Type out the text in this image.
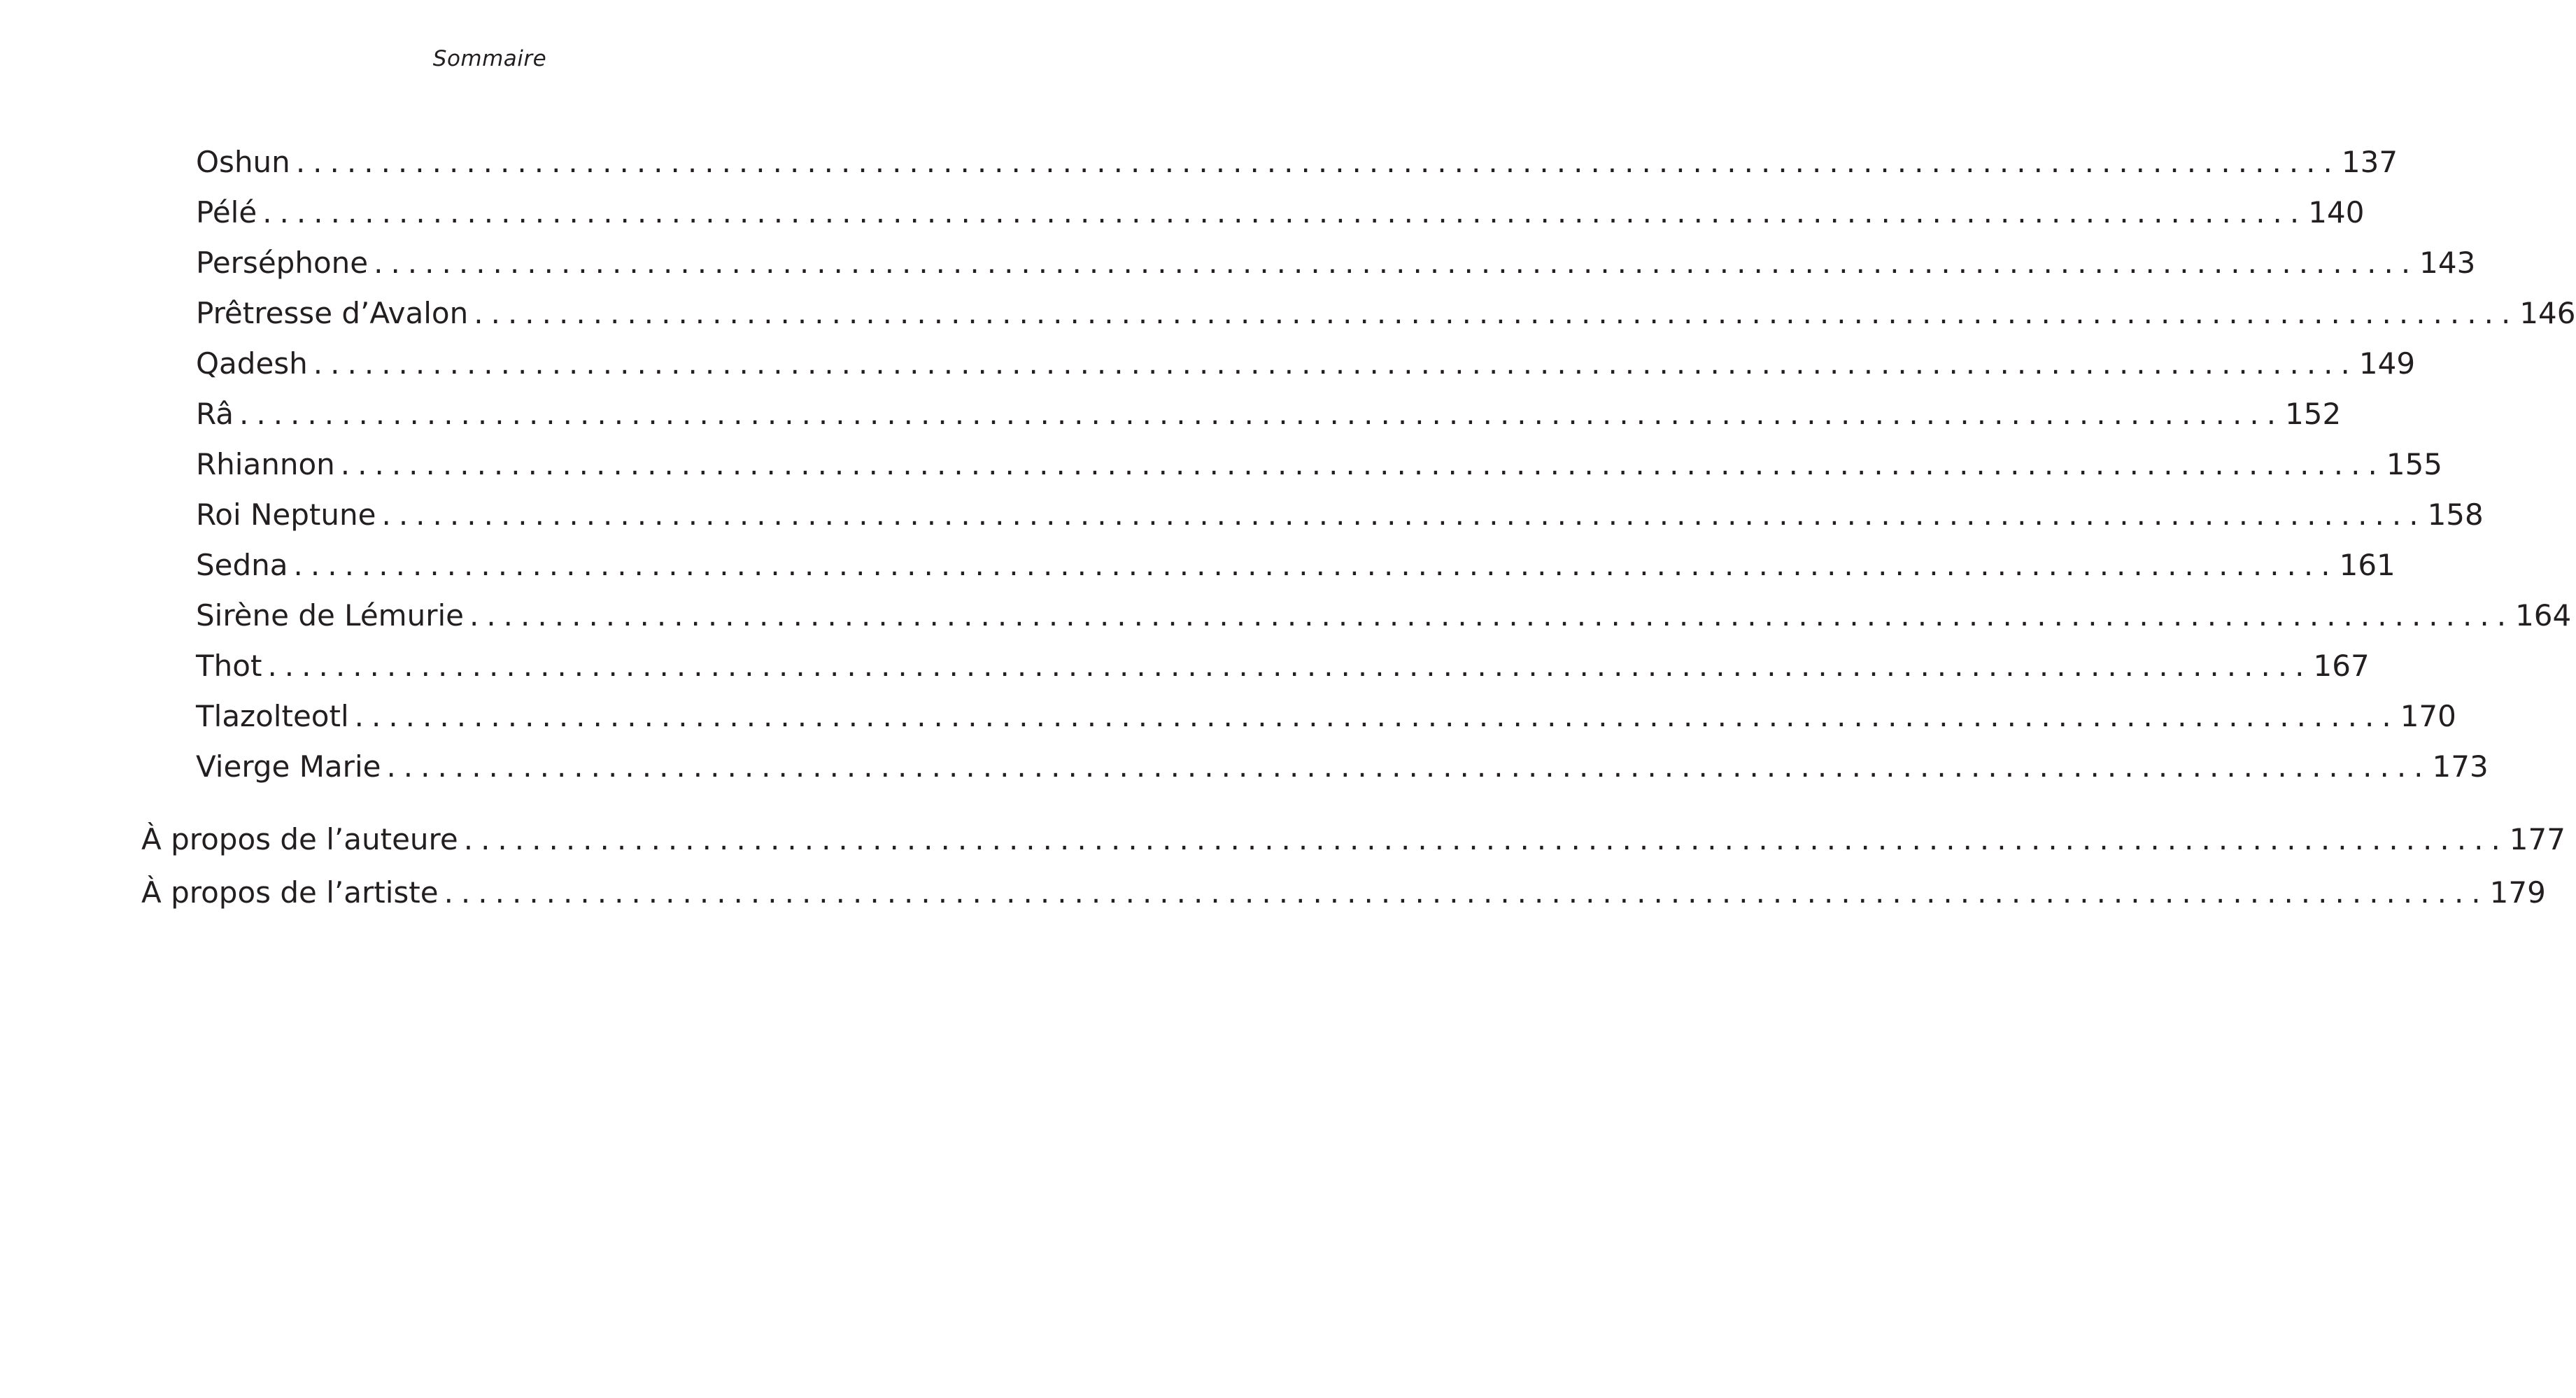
Sommaire
Oshun ........................................................................................................................ 137
Pélé ........................................................................................................................ 140
Perséphone ........................................................................................................................ 143
Prêtresse d’Avalon ........................................................................................................................ 146
Qadesh ........................................................................................................................ 149
Râ ........................................................................................................................ 152
Rhiannon ........................................................................................................................ 155
Roi Neptune ........................................................................................................................ 158
Sedna ........................................................................................................................ 161
Sirène de Lémurie ........................................................................................................................ 164
Thot ........................................................................................................................ 167
Tlazolteotl ........................................................................................................................ 170
Vierge Marie ........................................................................................................................ 173
À propos de l’auteure ........................................................................................................................ 177
À propos de l’artiste ........................................................................................................................ 179
